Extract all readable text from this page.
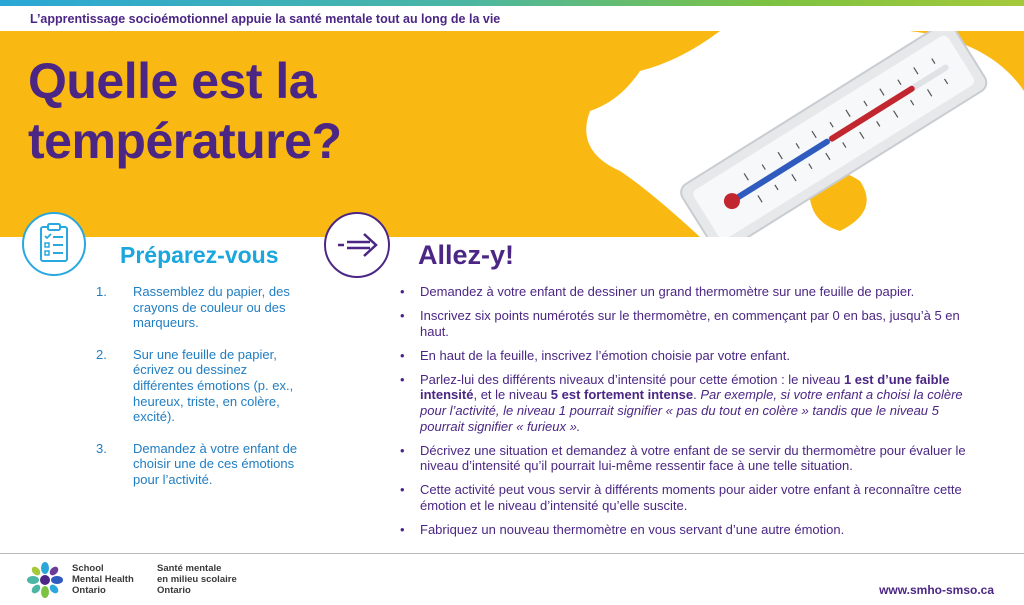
L’apprentissage socioémotionnel appuie la santé mentale tout au long de la vie
Quelle est la
température?
Préparez-vous
1.	Rassemblez du papier, des crayons de couleur ou des marqueurs.
2.	Sur une feuille de papier, écrivez ou dessinez différentes émotions (p. ex., heureux, triste, en colère, excité).
3.	Demandez à votre enfant de choisir une de ces émotions pour l’activité.
Allez-y!
•	Demandez à votre enfant de dessiner un grand thermomètre sur une feuille de papier.
•	Inscrivez six points numérotés sur le thermomètre, en commençant par 0 en bas, jusqu’à 5 en haut.
•	En haut de la feuille, inscrivez l’émotion choisie par votre enfant.
•	Parlez-lui des différents niveaux d’intensité pour cette émotion : le niveau 1 est d’une faible intensité, et le niveau 5 est fortement intense. Par exemple, si votre enfant a choisi la colère pour l’activité, le niveau 1 pourrait signifier « pas du tout en colère » tandis que le niveau 5 pourrait signifier « furieux ».
•	Décrivez une situation et demandez à votre enfant de se servir du thermomètre pour évaluer le niveau d’intensité qu’il pourrait lui-même ressentir face à une telle situation.
•	Cette activité peut vous servir à différents moments pour aider votre enfant à reconnaître cette émotion et le niveau d’intensité qu’elle suscite.
•	Fabriquez un nouveau thermomètre en vous servant d’une autre émotion.
School
Mental Health
Ontario
Santé mentale
en milieu scolaire
Ontario	www.smho-smso.ca
